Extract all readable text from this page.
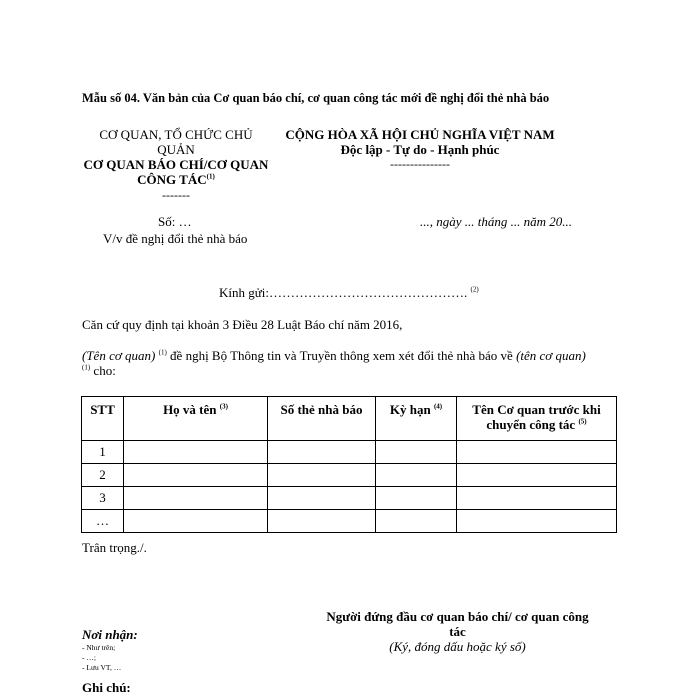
Mẫu số 04. Văn bản của Cơ quan báo chí, cơ quan công tác mới đề nghị đổi thẻ nhà báo
CƠ QUAN, TỔ CHỨC CHỦ QUẢN
CƠ QUAN BÁO CHÍ/CƠ QUAN CÔNG TÁC$^{(1)}$
-------
CỘNG HÒA XÃ HỘI CHỦ NGHĨA VIỆT NAM
Độc lập - Tự do - Hạnh phúc
---------------
Số: …
V/v đề nghị đổi thẻ nhà báo
..., ngày ... tháng ... năm 20...
Kính gửi:………………………………………. $^{(2)}$
Căn cứ quy định tại khoản 3 Điều 28 Luật Báo chí năm 2016,
(Tên cơ quan) $^{(1)}$ đề nghị Bộ Thông tin và Truyền thông xem xét đổi thẻ nhà báo về (tên cơ quan)
$^{(1)}$ cho:
STT	Họ và tên $^{(3)}$	Số thẻ nhà báo	Kỳ hạn $^{(4)}$	Tên Cơ quan trước khi chuyển công tác $^{(5)}$
1				
2				
3				
…				
Trân trọng./.
Người đứng đầu cơ quan báo chí/ cơ quan công tác
(Ký, đóng dấu hoặc ký số)
Nơi nhận:
- Như trên;
- …;
- Lưu VT, …
Ghi chú:
